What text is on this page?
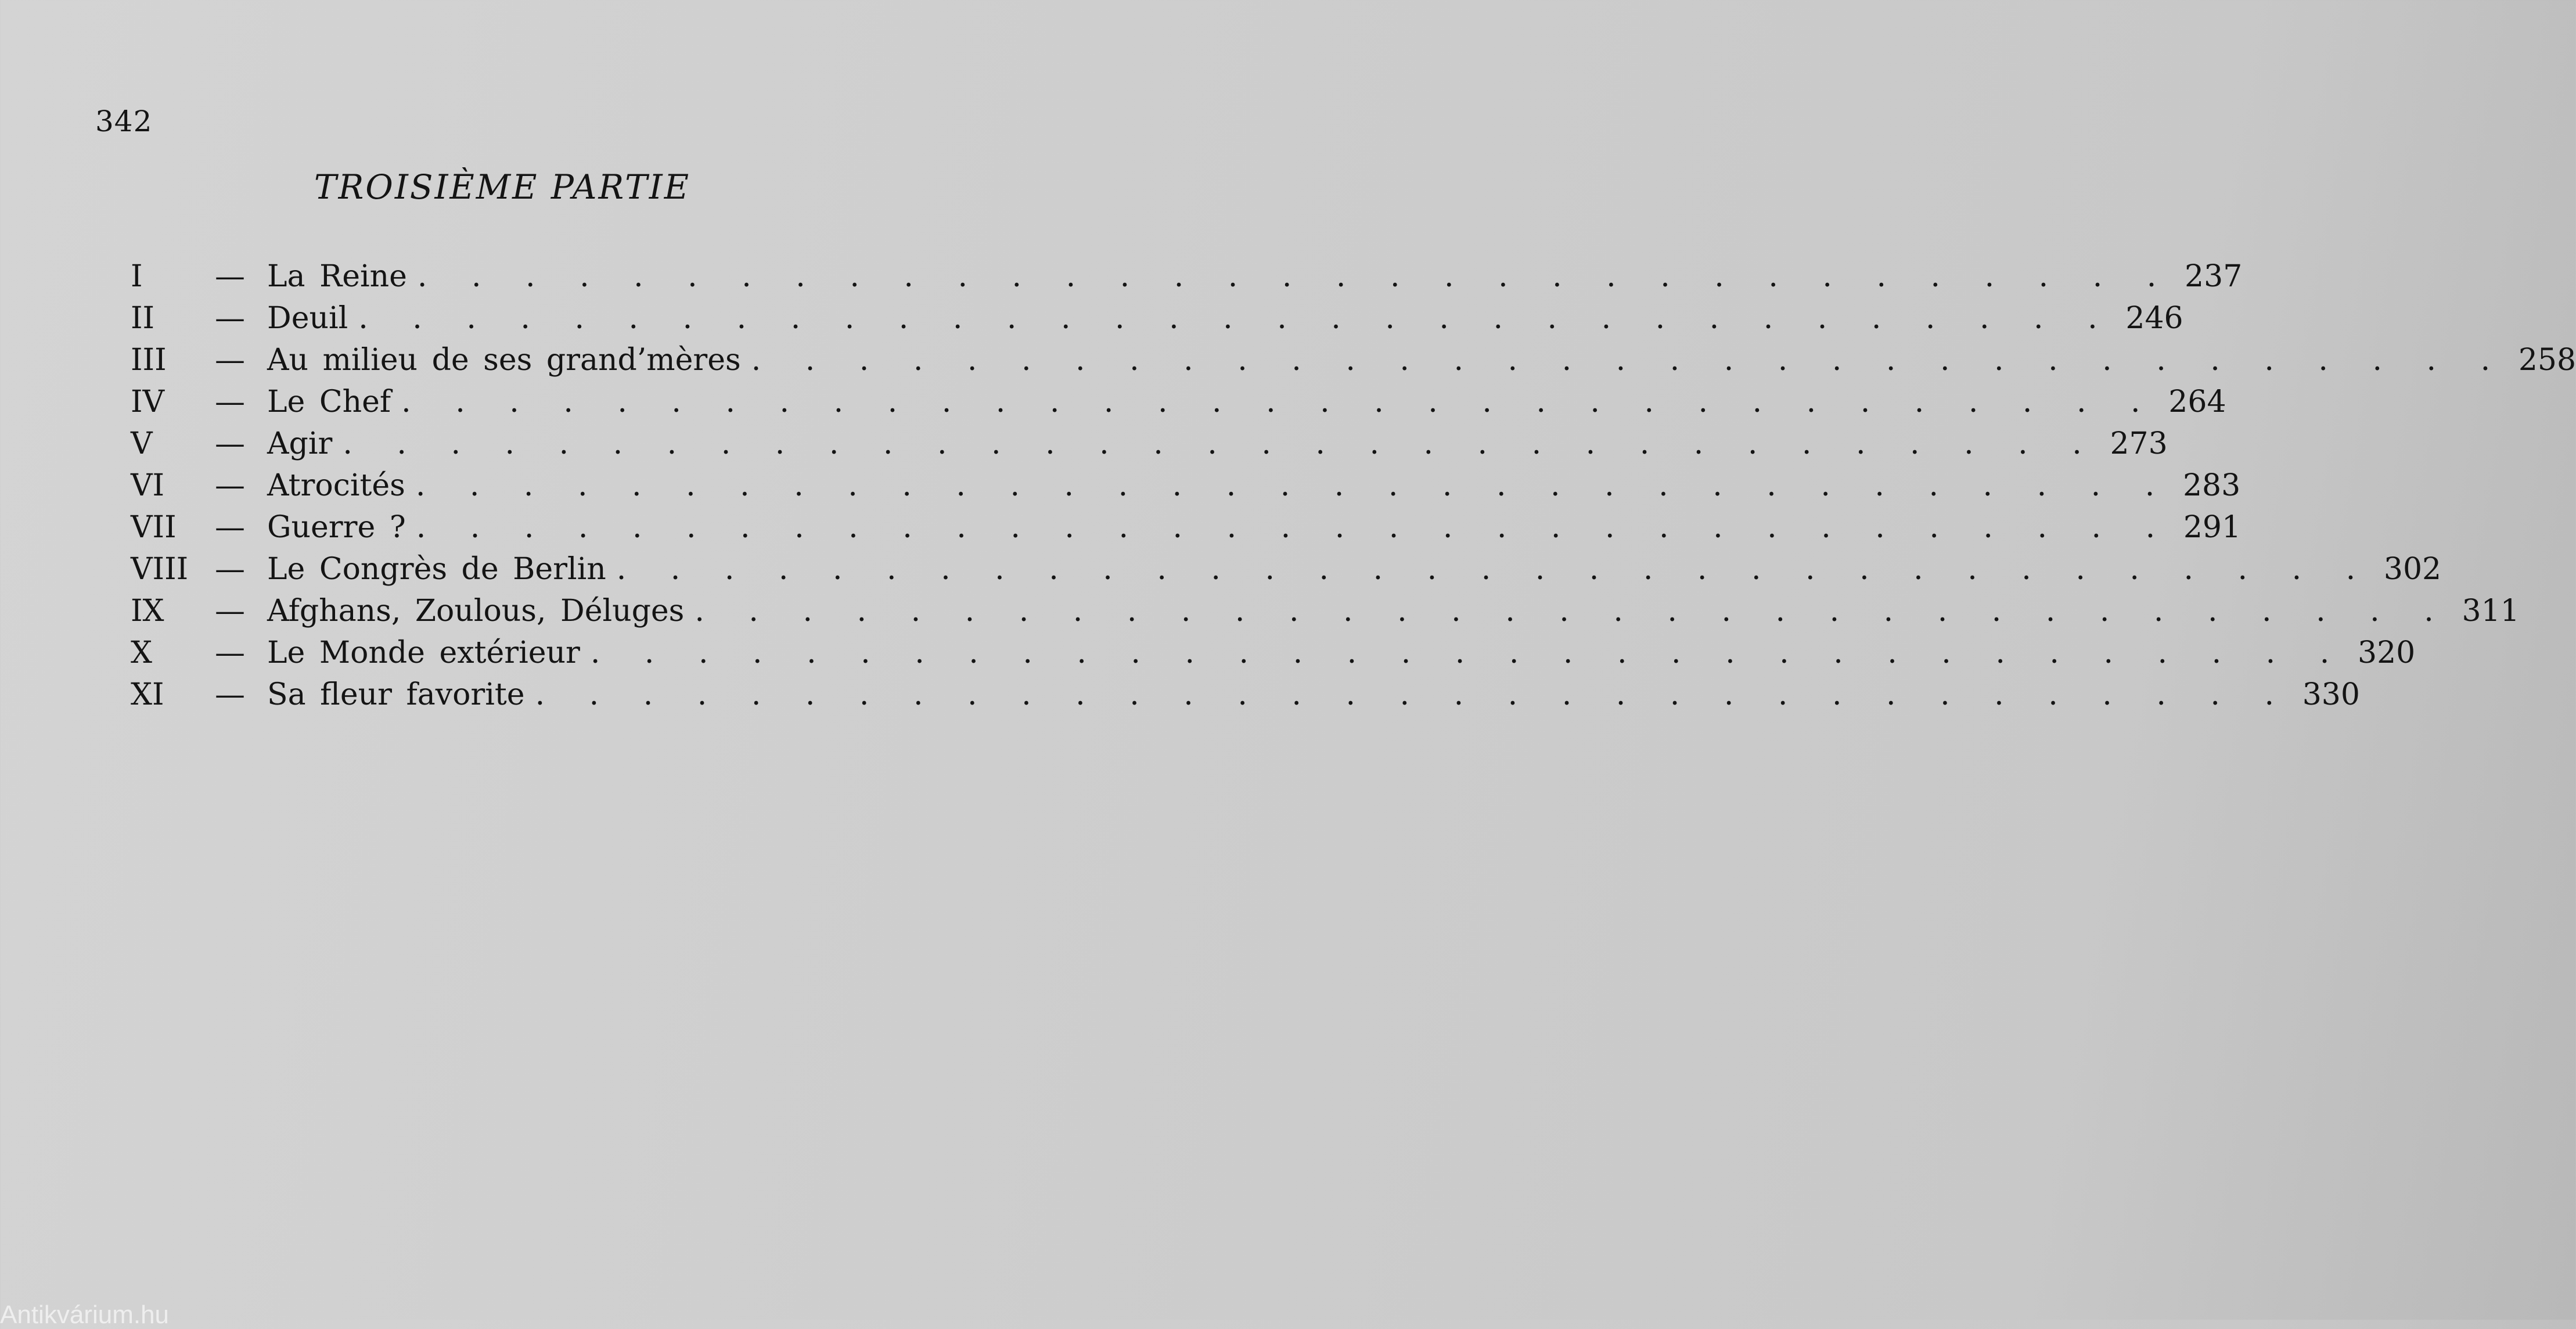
342
TROISIÈME PARTIE
I	— La Reine . . . . . . . . . . . . . . . . . . . . . . . . . . . . . . . . . 237
II	— Deuil . . . . . . . . . . . . . . . . . . . . . . . . . . . . . . . . . 246
III	— Au milieu de ses grand’mères . . . . . . . . . . . . . . . . . . . . . . . . . . . . . . . . . 258
IV	— Le Chef . . . . . . . . . . . . . . . . . . . . . . . . . . . . . . . . . 264
V	— Agir . . . . . . . . . . . . . . . . . . . . . . . . . . . . . . . . . 273
VI	— Atrocités . . . . . . . . . . . . . . . . . . . . . . . . . . . . . . . . . 283
VII	— Guerre ? . . . . . . . . . . . . . . . . . . . . . . . . . . . . . . . . . 291
VIII — Le Congrès de Berlin . . . . . . . . . . . . . . . . . . . . . . . . . . . . . . . . . 302
IX	— Afghans, Zoulous, Déluges . . . . . . . . . . . . . . . . . . . . . . . . . . . . . . . . . 311
X	— Le Monde extérieur . . . . . . . . . . . . . . . . . . . . . . . . . . . . . . . . . 320
XI	— Sa fleur favorite . . . . . . . . . . . . . . . . . . . . . . . . . . . . . . . . . 330
Antikvárium.hu
